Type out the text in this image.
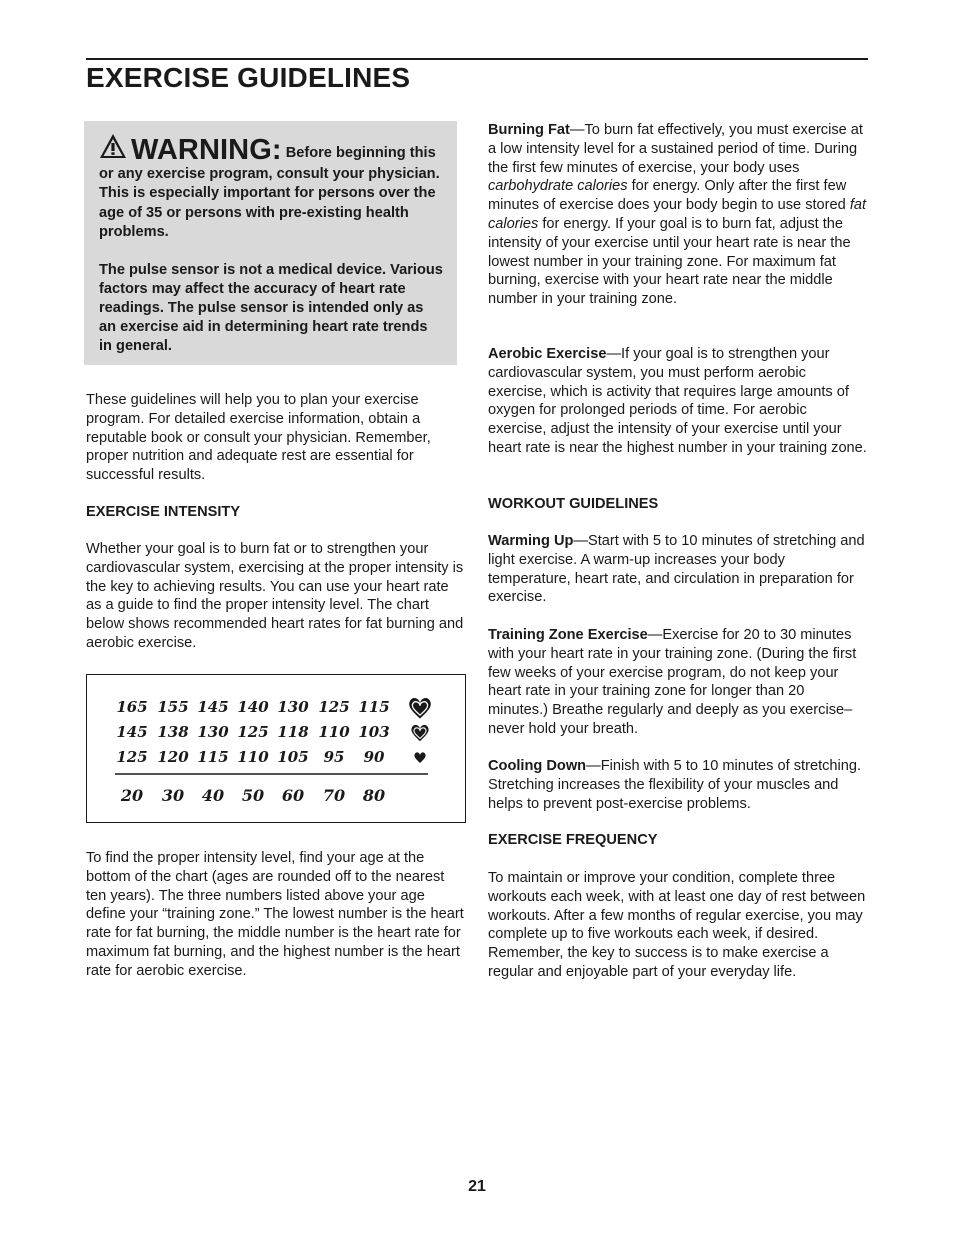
EXERCISE GUIDELINES

WARNING: Before beginning this or any exercise program, consult your physician. This is especially important for persons over the age of 35 or persons with pre-existing health problems.

The pulse sensor is not a medical device. Various factors may affect the accuracy of heart rate readings. The pulse sensor is intended only as an exercise aid in determining heart rate trends in general.

These guidelines will help you to plan your exercise program. For detailed exercise information, obtain a reputable book or consult your physician. Remember, proper nutrition and adequate rest are essential for successful results.

EXERCISE INTENSITY

Whether your goal is to burn fat or to strengthen your cardiovascular system, exercising at the proper intensity is the key to achieving results. You can use your heart rate as a guide to find the proper intensity level. The chart below shows recommended heart rates for fat burning and aerobic exercise.

165 155 145 140 130 125 115
145 138 130 125 118 110 103
125 120 115 110 105 95 90
20 30 40 50 60 70 80

To find the proper intensity level, find your age at the bottom of the chart (ages are rounded off to the nearest ten years). The three numbers listed above your age define your “training zone.” The lowest number is the heart rate for fat burning, the middle number is the heart rate for maximum fat burning, and the highest number is the heart rate for aerobic exercise.

Burning Fat—To burn fat effectively, you must exercise at a low intensity level for a sustained period of time. During the first few minutes of exercise, your body uses carbohydrate calories for energy. Only after the first few minutes of exercise does your body begin to use stored fat calories for energy. If your goal is to burn fat, adjust the intensity of your exercise until your heart rate is near the lowest number in your training zone. For maximum fat burning, exercise with your heart rate near the middle number in your training zone.

Aerobic Exercise—If your goal is to strengthen your cardiovascular system, you must perform aerobic exercise, which is activity that requires large amounts of oxygen for prolonged periods of time. For aerobic exercise, adjust the intensity of your exercise until your heart rate is near the highest number in your training zone.

WORKOUT GUIDELINES

Warming Up—Start with 5 to 10 minutes of stretching and light exercise. A warm-up increases your body temperature, heart rate, and circulation in preparation for exercise.

Training Zone Exercise—Exercise for 20 to 30 minutes with your heart rate in your training zone. (During the first few weeks of your exercise program, do not keep your heart rate in your training zone for longer than 20 minutes.) Breathe regularly and deeply as you exercise–never hold your breath.

Cooling Down—Finish with 5 to 10 minutes of stretching. Stretching increases the flexibility of your muscles and helps to prevent post-exercise problems.

EXERCISE FREQUENCY

To maintain or improve your condition, complete three workouts each week, with at least one day of rest between workouts. After a few months of regular exercise, you may complete up to five workouts each week, if desired. Remember, the key to success is to make exercise a regular and enjoyable part of your everyday life.

21
